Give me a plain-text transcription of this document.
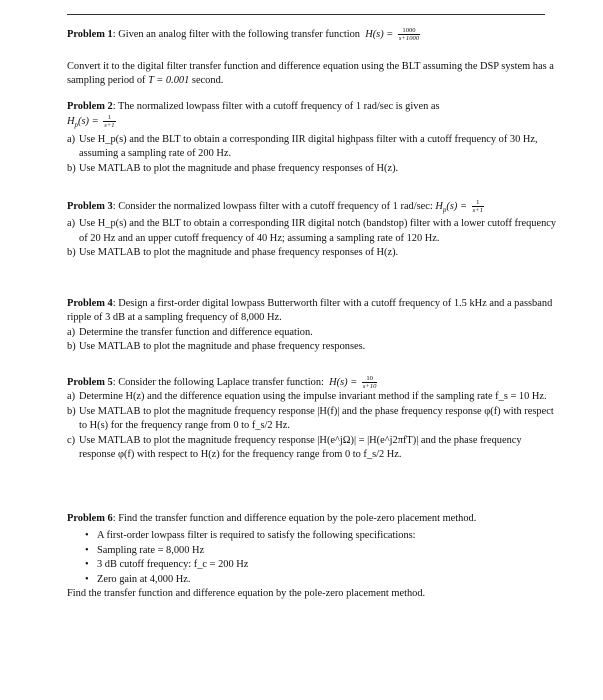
Problem 1: Given an analog filter with the following transfer function $H(s) = \frac{1000}{s+1000}$

Convert it to the digital filter transfer function and difference equation using the BLT assuming the DSP system has a sampling period of T = 0.001 second.

Problem 2: The normalized lowpass filter with a cutoff frequency of 1 rad/sec is given as
$H_p(s) = \frac{1}{s+1}$

a) Use H_p(s) and the BLT to obtain a corresponding IIR digital highpass filter with a cutoff frequency of 30 Hz, assuming a sampling rate of 200 Hz.
b) Use MATLAB to plot the magnitude and phase frequency responses of H(z).

Problem 3: Consider the normalized lowpass filter with a cutoff frequency of 1 rad/sec: $H_p(s) = \frac{1}{s+1}$

a) Use H_p(s) and the BLT to obtain a corresponding IIR digital notch (bandstop) filter with a lower cutoff frequency of 20 Hz and an upper cutoff frequency of 40 Hz; assuming a sampling rate of 120 Hz.
b) Use MATLAB to plot the magnitude and phase frequency responses of H(z).

Problem 4: Design a first-order digital lowpass Butterworth filter with a cutoff frequency of 1.5 kHz and a passband ripple of 3 dB at a sampling frequency of 8,000 Hz.

a) Determine the transfer function and difference equation.
b) Use MATLAB to plot the magnitude and phase frequency responses.

Problem 5: Consider the following Laplace transfer function: $H(s) = \frac{10}{s+10}$

a) Determine H(z) and the difference equation using the impulse invariant method if the sampling rate f_s = 10 Hz.
b) Use MATLAB to plot the magnitude frequency response |H(f)| and the phase frequency response φ(f) with respect to H(s) for the frequency range from 0 to f_s/2 Hz.
c) Use MATLAB to plot the magnitude frequency response |H(e^jΩ)| = |H(e^j2πfT)| and the phase frequency response φ(f) with respect to H(z) for the frequency range from 0 to f_s/2 Hz.

Problem 6: Find the transfer function and difference equation by the pole-zero placement method.

• A first-order lowpass filter is required to satisfy the following specifications:
• Sampling rate = 8,000 Hz
• 3 dB cutoff frequency: f_c = 200 Hz
• Zero gain at 4,000 Hz.

Find the transfer function and difference equation by the pole-zero placement method.
